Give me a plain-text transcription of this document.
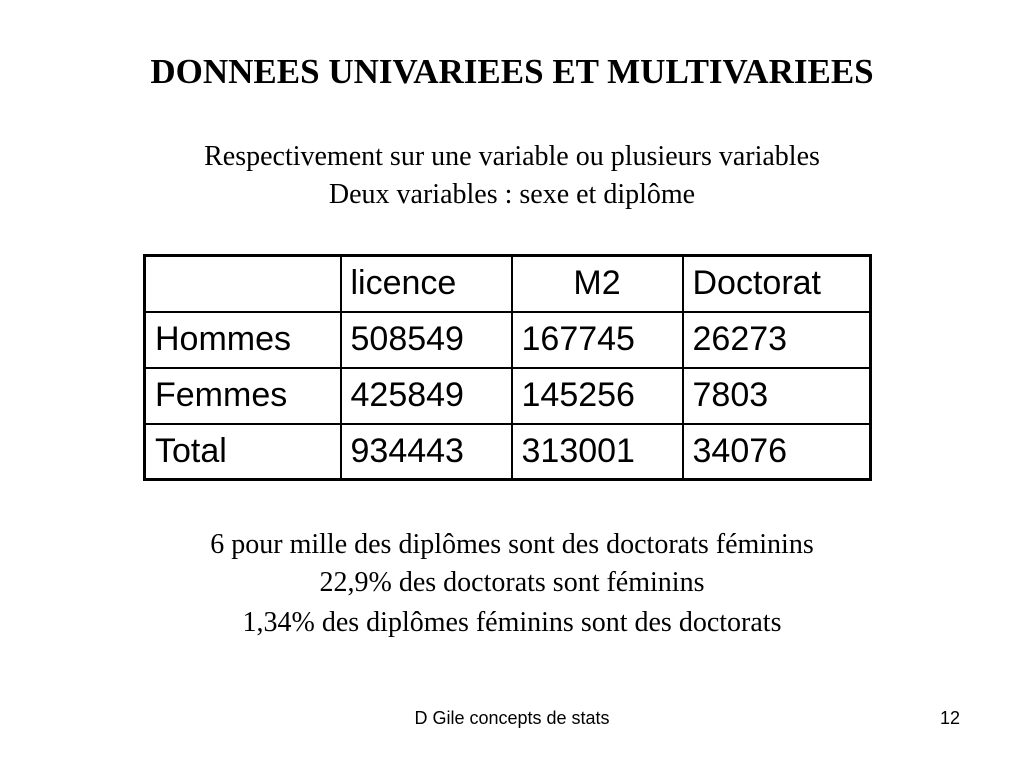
DONNEES UNIVARIEES ET MULTIVARIEES
Respectivement sur une variable ou plusieurs variables
Deux variables : sexe et diplôme
	licence	M2	Doctorat
Hommes	508549	167745	26273
Femmes	425849	145256	7803
Total	934443	313001	34076
6 pour mille des diplômes sont des doctorats féminins
22,9% des doctorats sont féminins
1,34% des diplômes féminins sont des doctorats
D Gile concepts de stats	12
